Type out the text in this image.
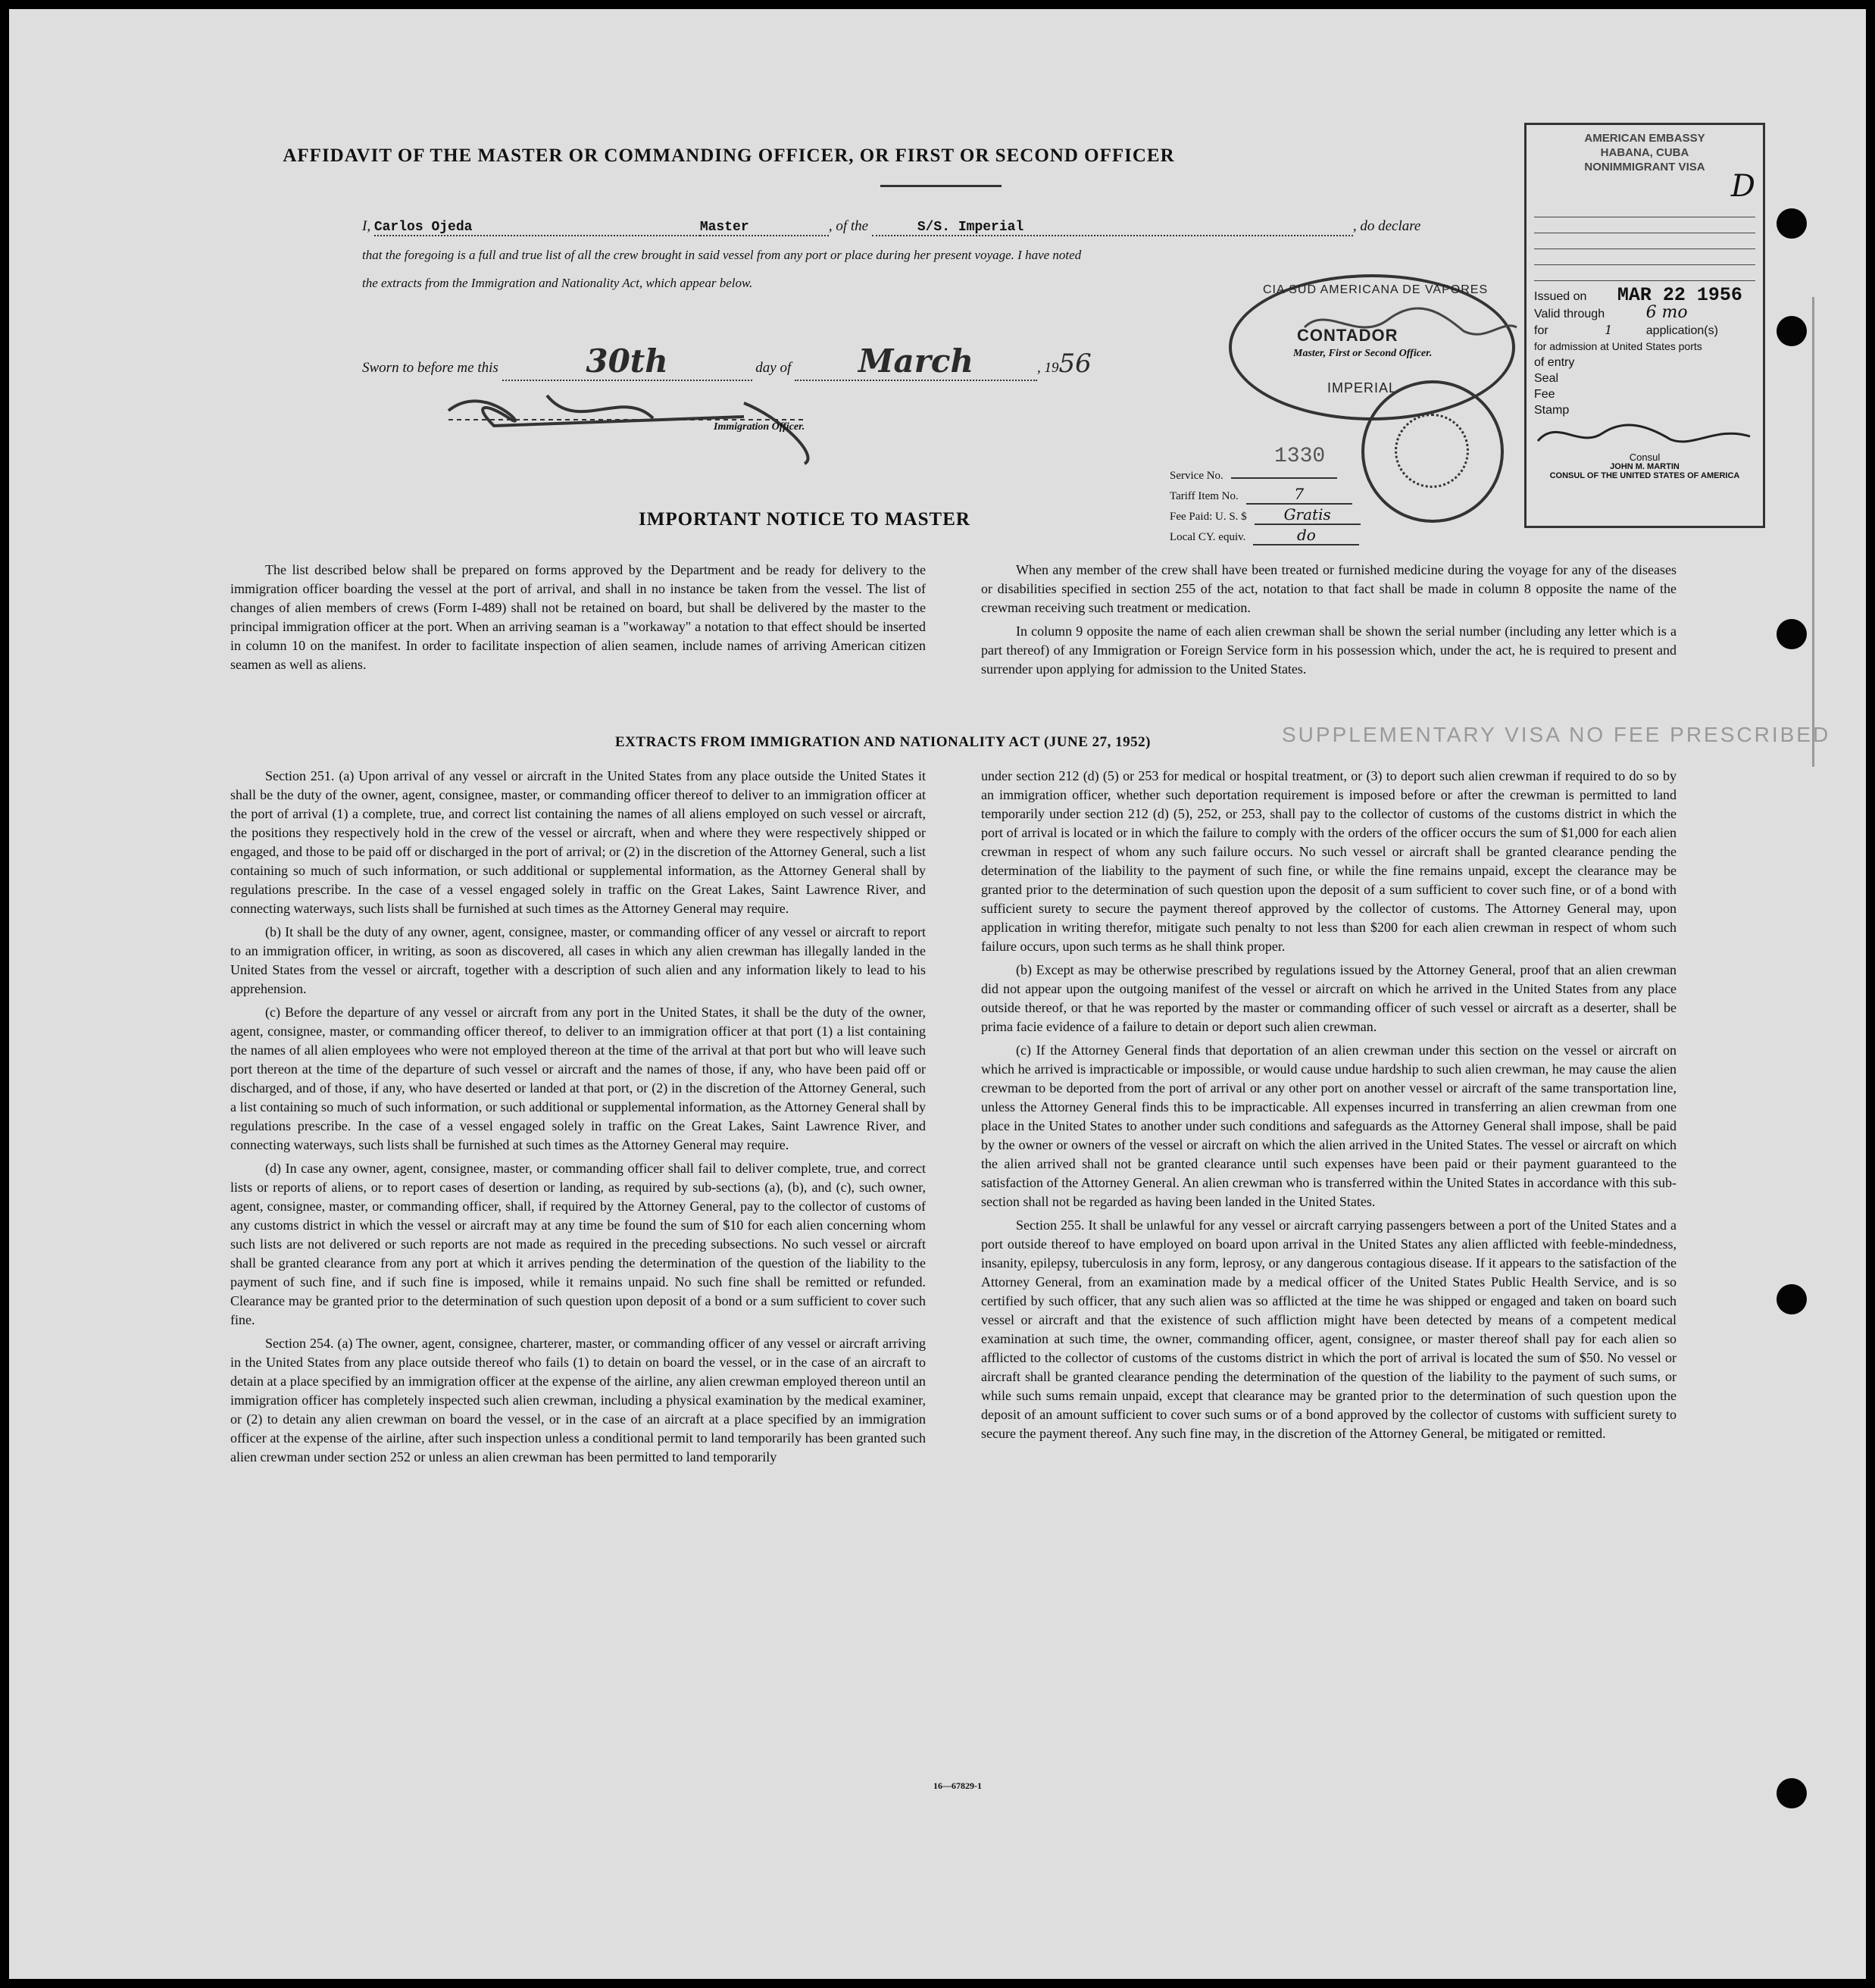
AFFIDAVIT OF THE MASTER OR COMMANDING OFFICER, OR FIRST OR SECOND OFFICER
I, Carlos Ojeda	Master	, of the	S/S. Imperial	, do declare
that the foregoing is a full and true list of all the crew brought in said vessel from any port or place during her present voyage. I have noted
the extracts from the Immigration and Nationality Act, which appear below.
Sworn to before me this	30th	day of March	, 1956
Immigration Officer.
CIA SUD AMERICANA DE VAPORES
CONTADOR
IMPERIAL
Master, First or Second Officer.
1330
Service No.
Tariff Item No.	7
Fee Paid: U. S. $ Gratis
Local CY. equiv.	do
AMERICAN EMBASSY
HABANA, CUBA
NONIMMIGRANT VISA
D
Issued on MAR 22 1956
Valid through 6 mo
for	1	application(s)
for admission at United States ports
of entry
Seal
Fee
Stamp
Consul
JOHN M. MARTIN
CONSUL OF THE UNITED STATES OF AMERICA
IMPORTANT NOTICE TO MASTER

The list described below shall be prepared on forms approved by the Department and be ready for delivery to the immigration officer boarding the vessel at the port of arrival, and shall in no instance be taken from the vessel. The list of changes of alien members of crews (Form I-489) shall not be retained on board, but shall be delivered by the master to the principal immigration officer at the port. When an arriving seaman is a "workaway" a notation to that effect should be inserted in column 10 on the manifest. In order to facilitate inspection of alien seamen, include names of arriving American citizen seamen as well as aliens.

When any member of the crew shall have been treated or furnished medicine during the voyage for any of the diseases or disabilities specified in section 255 of the act, notation to that fact shall be made in column 8 opposite the name of the crewman receiving such treatment or medication.

In column 9 opposite the name of each alien crewman shall be shown the serial number (including any letter which is a part thereof) of any Immigration or Foreign Service form in his possession which, under the act, he is required to present and surrender upon applying for admission to the United States.

EXTRACTS FROM IMMIGRATION AND NATIONALITY ACT (JUNE 27, 1952)	SUPPLEMENTARY VISA NO FEE PRESCRIBED

Section 251. (a) Upon arrival of any vessel or aircraft in the United States from any place outside the United States it shall be the duty of the owner, agent, consignee, master, or commanding officer thereof to deliver to an immigration officer at the port of arrival (1) a complete, true, and correct list containing the names of all aliens employed on such vessel or aircraft, the positions they respectively hold in the crew of the vessel or aircraft, when and where they were respectively shipped or engaged, and those to be paid off or discharged in the port of arrival; or (2) in the discretion of the Attorney General, such a list containing so much of such information, or such additional or supplemental information, as the Attorney General shall by regulations prescribe. In the case of a vessel engaged solely in traffic on the Great Lakes, Saint Lawrence River, and connecting waterways, such lists shall be furnished at such times as the Attorney General may require.

(b) It shall be the duty of any owner, agent, consignee, master, or commanding officer of any vessel or aircraft to report to an immigration officer, in writing, as soon as discovered, all cases in which any alien crewman has illegally landed in the United States from the vessel or aircraft, together with a description of such alien and any information likely to lead to his apprehension.

(c) Before the departure of any vessel or aircraft from any port in the United States, it shall be the duty of the owner, agent, consignee, master, or commanding officer thereof, to deliver to an immigration officer at that port (1) a list containing the names of all alien employees who were not employed thereon at the time of the arrival at that port but who will leave such port thereon at the time of the departure of such vessel or aircraft and the names of those, if any, who have been paid off or discharged, and of those, if any, who have deserted or landed at that port, or (2) in the discretion of the Attorney General, such a list containing so much of such information, or such additional or supplemental information, as the Attorney General shall by regulations prescribe. In the case of a vessel engaged solely in traffic on the Great Lakes, Saint Lawrence River, and connecting waterways, such lists shall be furnished at such times as the Attorney General may require.

(d) In case any owner, agent, consignee, master, or commanding officer shall fail to deliver complete, true, and correct lists or reports of aliens, or to report cases of desertion or landing, as required by sub-sections (a), (b), and (c), such owner, agent, consignee, master, or commanding officer, shall, if required by the Attorney General, pay to the collector of customs of any customs district in which the vessel or aircraft may at any time be found the sum of $10 for each alien concerning whom such lists are not delivered or such reports are not made as required in the preceding subsections. No such vessel or aircraft shall be granted clearance from any port at which it arrives pending the determination of the question of the liability to the payment of such fine, and if such fine is imposed, while it remains unpaid. No such fine shall be remitted or refunded. Clearance may be granted prior to the determination of such question upon deposit of a bond or a sum sufficient to cover such fine.

Section 254. (a) The owner, agent, consignee, charterer, master, or commanding officer of any vessel or aircraft arriving in the United States from any place outside thereof who fails (1) to detain on board the vessel, or in the case of an aircraft to detain at a place specified by an immigration officer at the expense of the airline, any alien crewman employed thereon until an immigration officer has completely inspected such alien crewman, including a physical examination by the medical examiner, or (2) to detain any alien crewman on board the vessel, or in the case of an aircraft at a place specified by an immigration officer at the expense of the airline, after such inspection unless a conditional permit to land temporarily has been granted such alien crewman under section 252 or unless an alien crewman has been permitted to land temporarily

under section 212 (d) (5) or 253 for medical or hospital treatment, or (3) to deport such alien crewman if required to do so by an immigration officer, whether such deportation requirement is imposed before or after the crewman is permitted to land temporarily under section 212 (d) (5), 252, or 253, shall pay to the collector of customs of the customs district in which the port of arrival is located or in which the failure to comply with the orders of the officer occurs the sum of $1,000 for each alien crewman in respect of whom any such failure occurs. No such vessel or aircraft shall be granted clearance pending the determination of the liability to the payment of such fine, or while the fine remains unpaid, except the clearance may be granted prior to the determination of such question upon the deposit of a sum sufficient to cover such fine, or of a bond with sufficient surety to secure the payment thereof approved by the collector of customs. The Attorney General may, upon application in writing therefor, mitigate such penalty to not less than $200 for each alien crewman in respect of whom such failure occurs, upon such terms as he shall think proper.

(b) Except as may be otherwise prescribed by regulations issued by the Attorney General, proof that an alien crewman did not appear upon the outgoing manifest of the vessel or aircraft on which he arrived in the United States from any place outside thereof, or that he was reported by the master or commanding officer of such vessel or aircraft as a deserter, shall be prima facie evidence of a failure to detain or deport such alien crewman.

(c) If the Attorney General finds that deportation of an alien crewman under this section on the vessel or aircraft on which he arrived is impracticable or impossible, or would cause undue hardship to such alien crewman, he may cause the alien crewman to be deported from the port of arrival or any other port on another vessel or aircraft of the same transportation line, unless the Attorney General finds this to be impracticable. All expenses incurred in transferring an alien crewman from one place in the United States to another under such conditions and safeguards as the Attorney General shall impose, shall be paid by the owner or owners of the vessel or aircraft on which the alien arrived in the United States. The vessel or aircraft on which the alien arrived shall not be granted clearance until such expenses have been paid or their payment guaranteed to the satisfaction of the Attorney General. An alien crewman who is transferred within the United States in accordance with this sub-section shall not be regarded as having been landed in the United States.

Section 255. It shall be unlawful for any vessel or aircraft carrying passengers between a port of the United States and a port outside thereof to have employed on board upon arrival in the United States any alien afflicted with feeble-mindedness, insanity, epilepsy, tuberculosis in any form, leprosy, or any dangerous contagious disease. If it appears to the satisfaction of the Attorney General, from an examination made by a medical officer of the United States Public Health Service, and is so certified by such officer, that any such alien was so afflicted at the time he was shipped or engaged and taken on board such vessel or aircraft and that the existence of such affliction might have been detected by means of a competent medical examination at such time, the owner, commanding officer, agent, consignee, or master thereof shall pay for each alien so afflicted to the collector of customs of the customs district in which the port of arrival is located the sum of $50. No vessel or aircraft shall be granted clearance pending the determination of the question of the liability to the payment of such sums, or while such sums remain unpaid, except that clearance may be granted prior to the determination of such question upon the deposit of an amount sufficient to cover such sums or of a bond approved by the collector of customs with sufficient surety to secure the payment thereof. Any such fine may, in the discretion of the Attorney General, be mitigated or remitted.

16—67829-1
